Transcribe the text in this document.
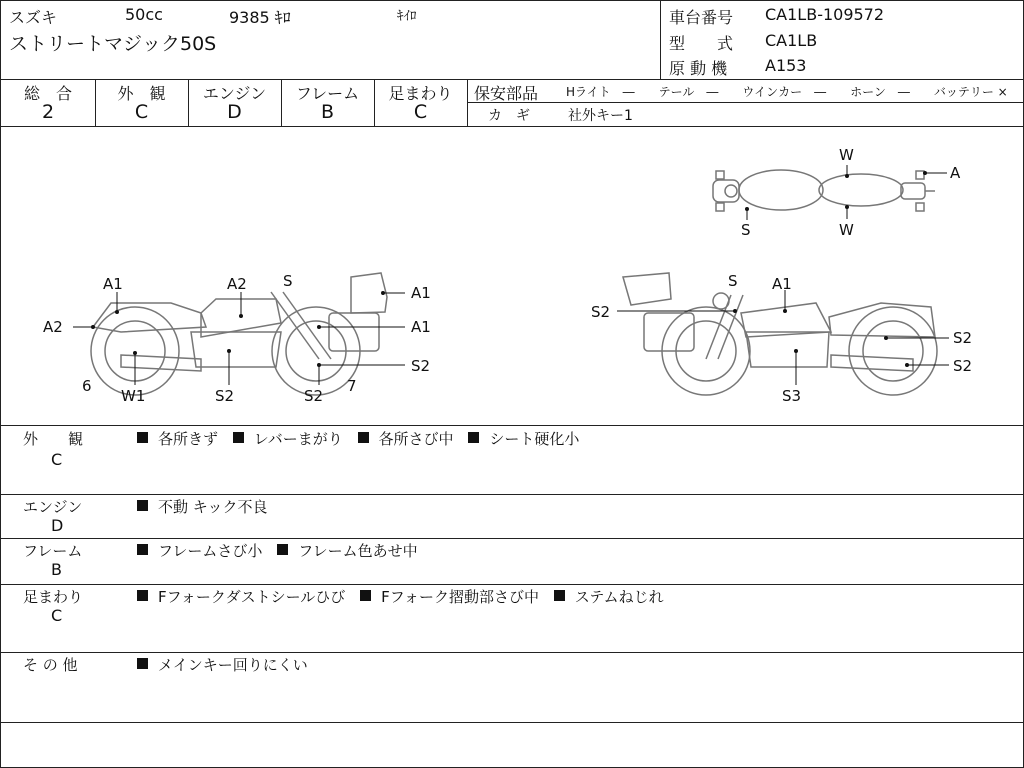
スズキ	50cc	9385 ｷﾛ	ｷｲﾛ
ストリートマジック50S
車台番号 CA1LB-109572
型　　式 CA1LB
原 動 機 A153
総　合
2
外　観
C
エンジン
D
フレーム
B
足まわり
C
保安部品 Hライト　―　　テール　―　　ウインカー　―　　ホーン　―　　バッテリー ×
カ　ギ	社外キー1
W
A
S	W
A1	A2 S
A1
A2	A1
W1	S2	S2
6	7
S2
S A1
S2
S2
S2
S3
外　　観
C
各所きず レバーまがり 各所さび中 シート硬化小
エンジン
D
不動 キック不良
フレーム
B
フレームさび小 フレーム色あせ中
足まわり
C
Fフォークダストシールひび Fフォーク摺動部さび中 ステムねじれ
そ の 他	メインキー回りにくい
